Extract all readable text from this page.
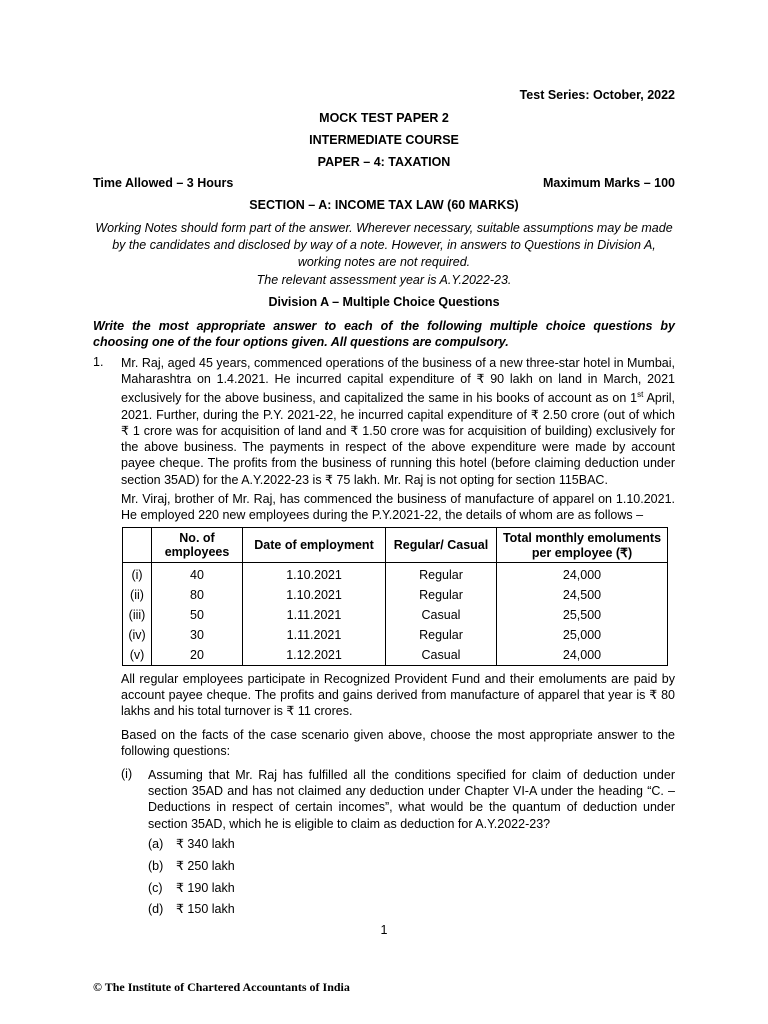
Test Series: October, 2022
MOCK TEST PAPER 2
INTERMEDIATE COURSE
PAPER – 4: TAXATION
Time Allowed – 3 Hours	Maximum Marks – 100
SECTION – A: INCOME TAX LAW (60 MARKS)
Working Notes should form part of the answer. Wherever necessary, suitable assumptions may be made by the candidates and disclosed by way of a note. However, in answers to Questions in Division A, working notes are not required.
The relevant assessment year is A.Y.2022-23.
Division A – Multiple Choice Questions
Write the most appropriate answer to each of the following multiple choice questions by choosing one of the four options given. All questions are compulsory.
1. Mr. Raj, aged 45 years, commenced operations of the business of a new three-star hotel in Mumbai, Maharashtra on 1.4.2021. He incurred capital expenditure of ₹ 90 lakh on land in March, 2021 exclusively for the above business, and capitalized the same in his books of account as on 1st April, 2021. Further, during the P.Y. 2021-22, he incurred capital expenditure of ₹ 2.50 crore (out of which ₹ 1 crore was for acquisition of land and ₹ 1.50 crore was for acquisition of building) exclusively for the above business. The payments in respect of the above expenditure were made by account payee cheque. The profits from the business of running this hotel (before claiming deduction under section 35AD) for the A.Y.2022-23 is ₹ 75 lakh. Mr. Raj is not opting for section 115BAC.
Mr. Viraj, brother of Mr. Raj, has commenced the business of manufacture of apparel on 1.10.2021. He employed 220 new employees during the P.Y.2021-22, the details of whom are as follows –
	No. of employees	Date of employment	Regular/ Casual	Total monthly emoluments per employee (₹)
(i)	40	1.10.2021	Regular	24,000
(ii)	80	1.10.2021	Regular	24,500
(iii)	50	1.11.2021	Casual	25,500
(iv)	30	1.11.2021	Regular	25,000
(v)	20	1.12.2021	Casual	24,000
All regular employees participate in Recognized Provident Fund and their emoluments are paid by account payee cheque. The profits and gains derived from manufacture of apparel that year is ₹ 80 lakhs and his total turnover is ₹ 11 crores.
Based on the facts of the case scenario given above, choose the most appropriate answer to the following questions:
(i) Assuming that Mr. Raj has fulfilled all the conditions specified for claim of deduction under section 35AD and has not claimed any deduction under Chapter VI-A under the heading “C. – Deductions in respect of certain incomes”, what would be the quantum of deduction under section 35AD, which he is eligible to claim as deduction for A.Y.2022-23?
(a) ₹ 340 lakh
(b) ₹ 250 lakh
(c) ₹ 190 lakh
(d) ₹ 150 lakh
1
© The Institute of Chartered Accountants of India
